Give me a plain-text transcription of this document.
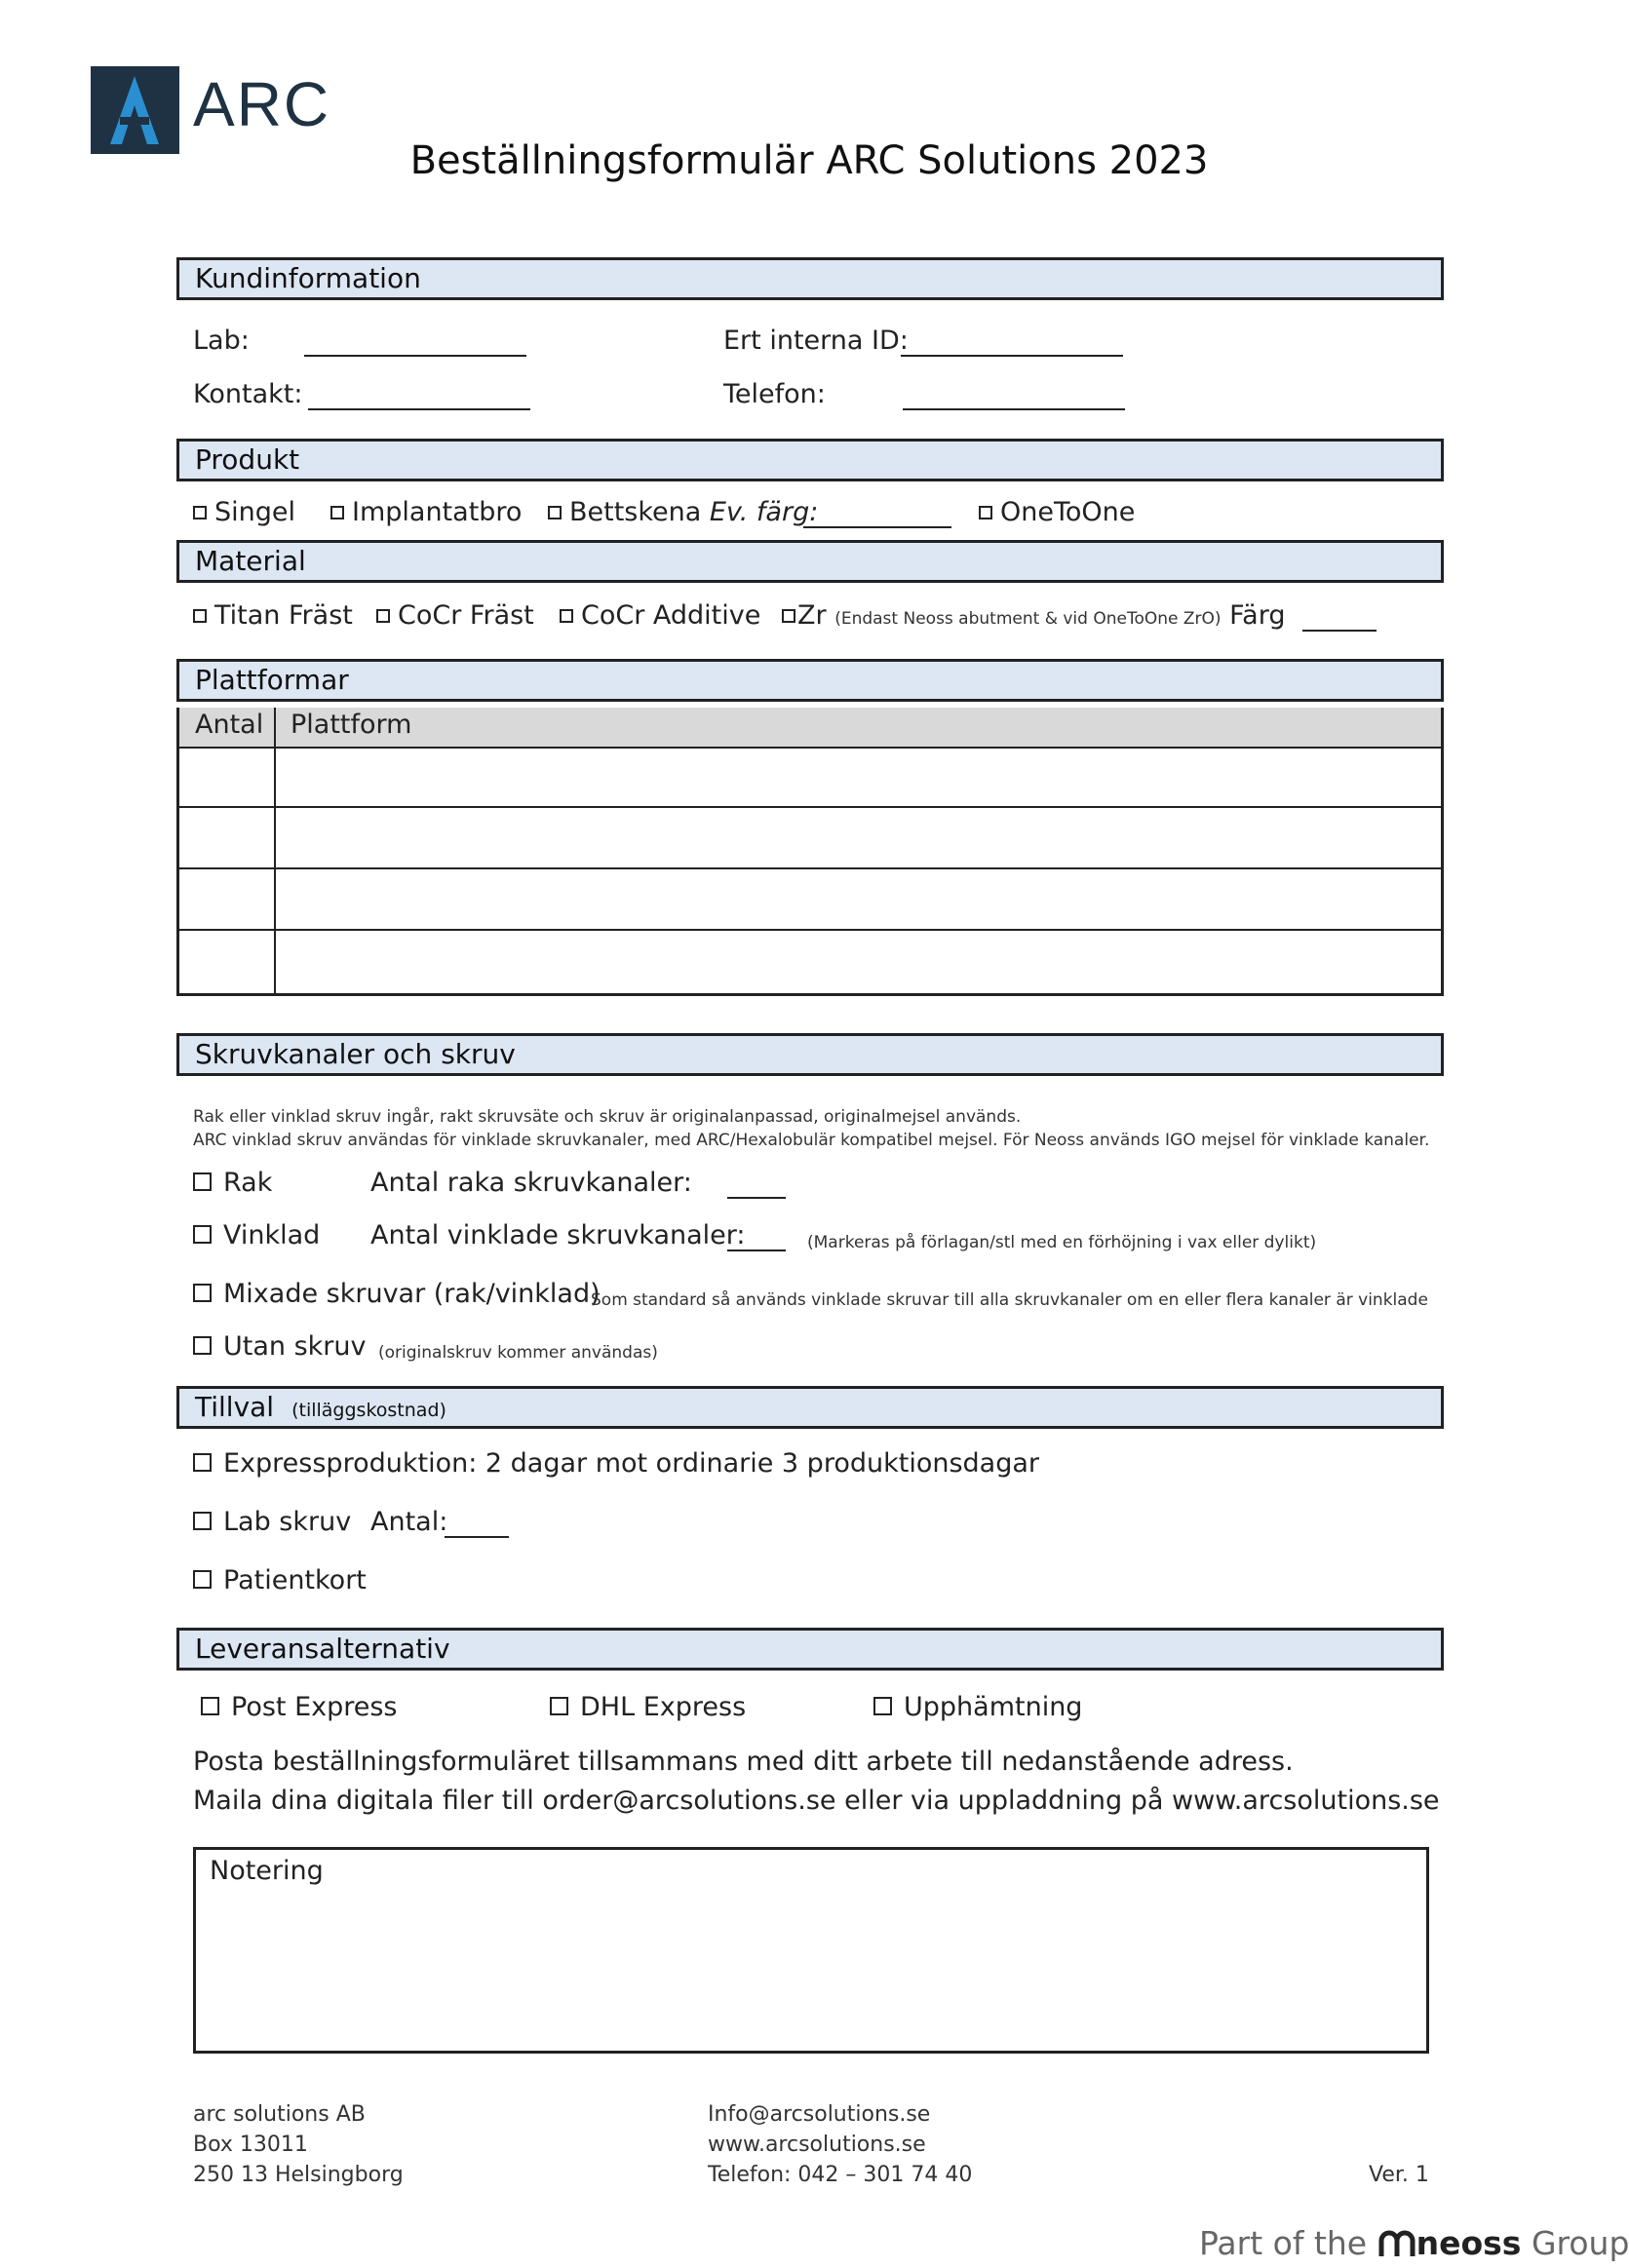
ARC
Beställningsformulär ARC Solutions 2023
Kundinformation
Lab:	Ert interna ID:
Kontakt:	Telefon:
Produkt
Singel	Implantatbro	Bettskena Ev. färg:	OneToOne
Material
Titan Fräst	CoCr Fräst	CoCr Additive	Zr (Endast Neoss abutment & vid OneToOne ZrO) Färg
Plattformar
Antal Plattform
Skruvkanaler och skruv
Rak eller vinklad skruv ingår, rakt skruvsäte och skruv är originalanpassad, originalmejsel används.
ARC vinklad skruv användas för vinklade skruvkanaler, med ARC/Hexalobulär kompatibel mejsel. För Neoss används IGO mejsel för vinklade kanaler.
Rak	Antal raka skruvkanaler:
Vinklad Antal vinklade skruvkanaler:	(Markeras på förlagan/stl med en förhöjning i vax eller dylikt)
Mixade skruvar (rak/vinklad)
Som standard så används vinklade skruvar till alla skruvkanaler om en eller flera kanaler är vinklade
Utan skruv (originalskruv kommer användas)
Tillval (tilläggskostnad)
Expressproduktion: 2 dagar mot ordinarie 3 produktionsdagar
Lab skruv Antal:
Patientkort
Leveransalternativ
Post Express	DHL Express	Upphämtning
Posta beställningsformuläret tillsammans med ditt arbete till nedanstående adress.
Maila dina digitala filer till order@arcsolutions.se eller via uppladdning på www.arcsolutions.se
Notering
arc solutions AB
Box 13011
250 13 Helsingborg
Info@arcsolutions.se
www.arcsolutions.se
Telefon: 042 – 301 74 40	Ver. 1
Part of the neoss Group
